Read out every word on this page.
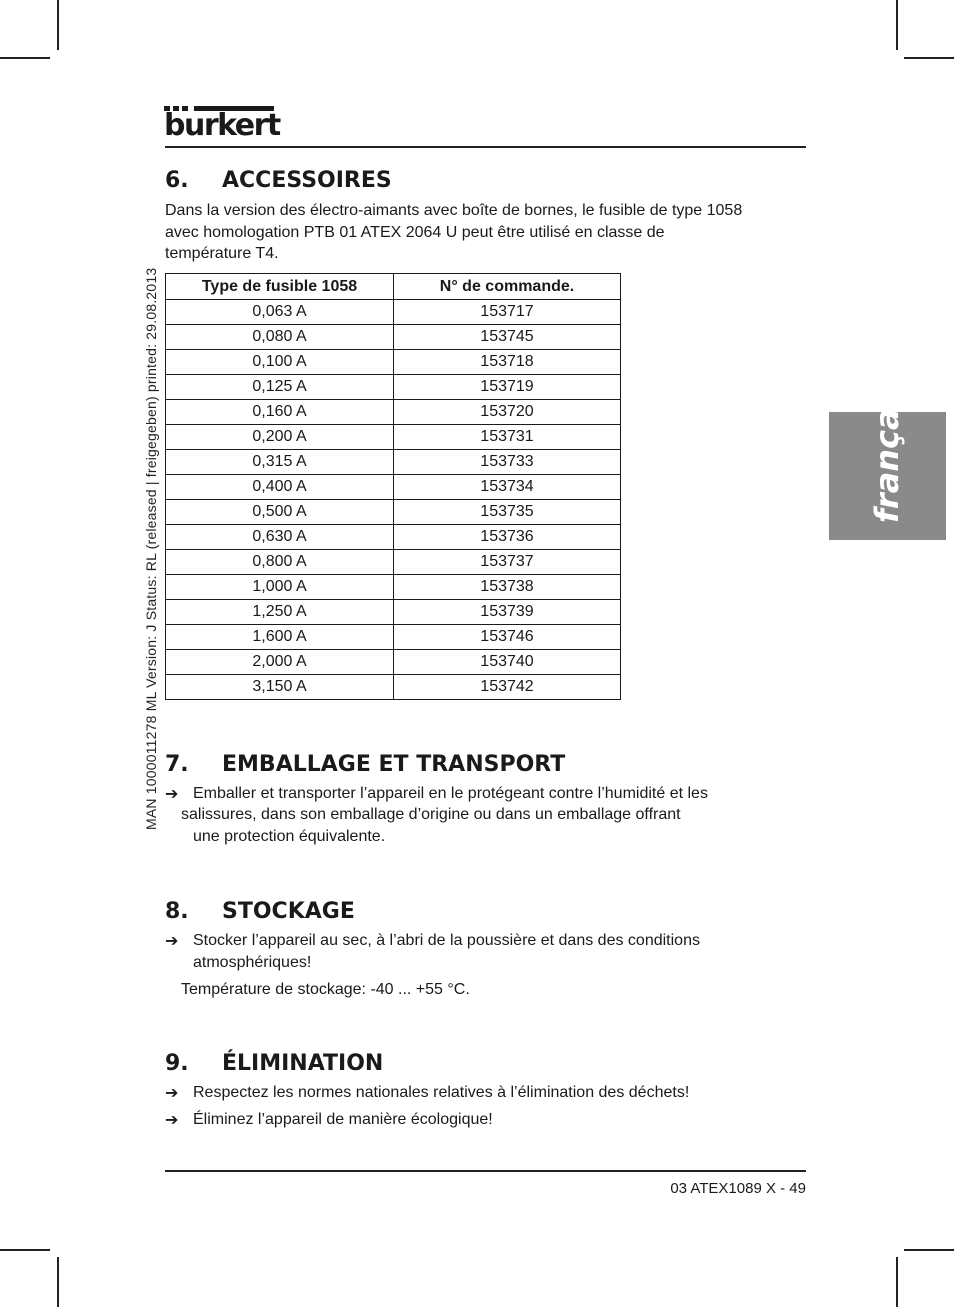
burkert
MAN 1000011278 ML Version: J Status: RL (released | freigegeben) printed: 29.08.2013	français
6. ACCESSOIRES

Dans la version des électro-aimants avec boîte de bornes, le fusible de type 1058
avec homologation PTB 01 ATEX 2064 U peut être utilisé en classe de
température T4.

Type de fusible 1058	N° de commande.
0,063 A	153717
0,080 A	153745
0,100 A	153718
0,125 A	153719
0,160 A	153720
0,200 A	153731
0,315 A	153733
0,400 A	153734
0,500 A	153735
0,630 A	153736
0,800 A	153737
1,000 A	153738
1,250 A	153739
1,600 A	153746
2,000 A	153740
3,150 A	153742
7. EMBALLAGE ET TRANSPORT
➔ Emballer et transporter l’appareil en le protégeant contre l’humidité et les
salissures, dans son emballage d’origine ou dans un emballage offrant
une protection équivalente.
8. STOCKAGE
➔ Stocker l’appareil au sec, à l’abri de la poussière et dans des conditions
atmosphériques!
Température de stockage: -40 ... +55 °C.
9. ÉLIMINATION
➔ Respectez les normes nationales relatives à l’élimination des déchets!
➔ Éliminez l’appareil de manière écologique!
03 ATEX1089 X - 49
